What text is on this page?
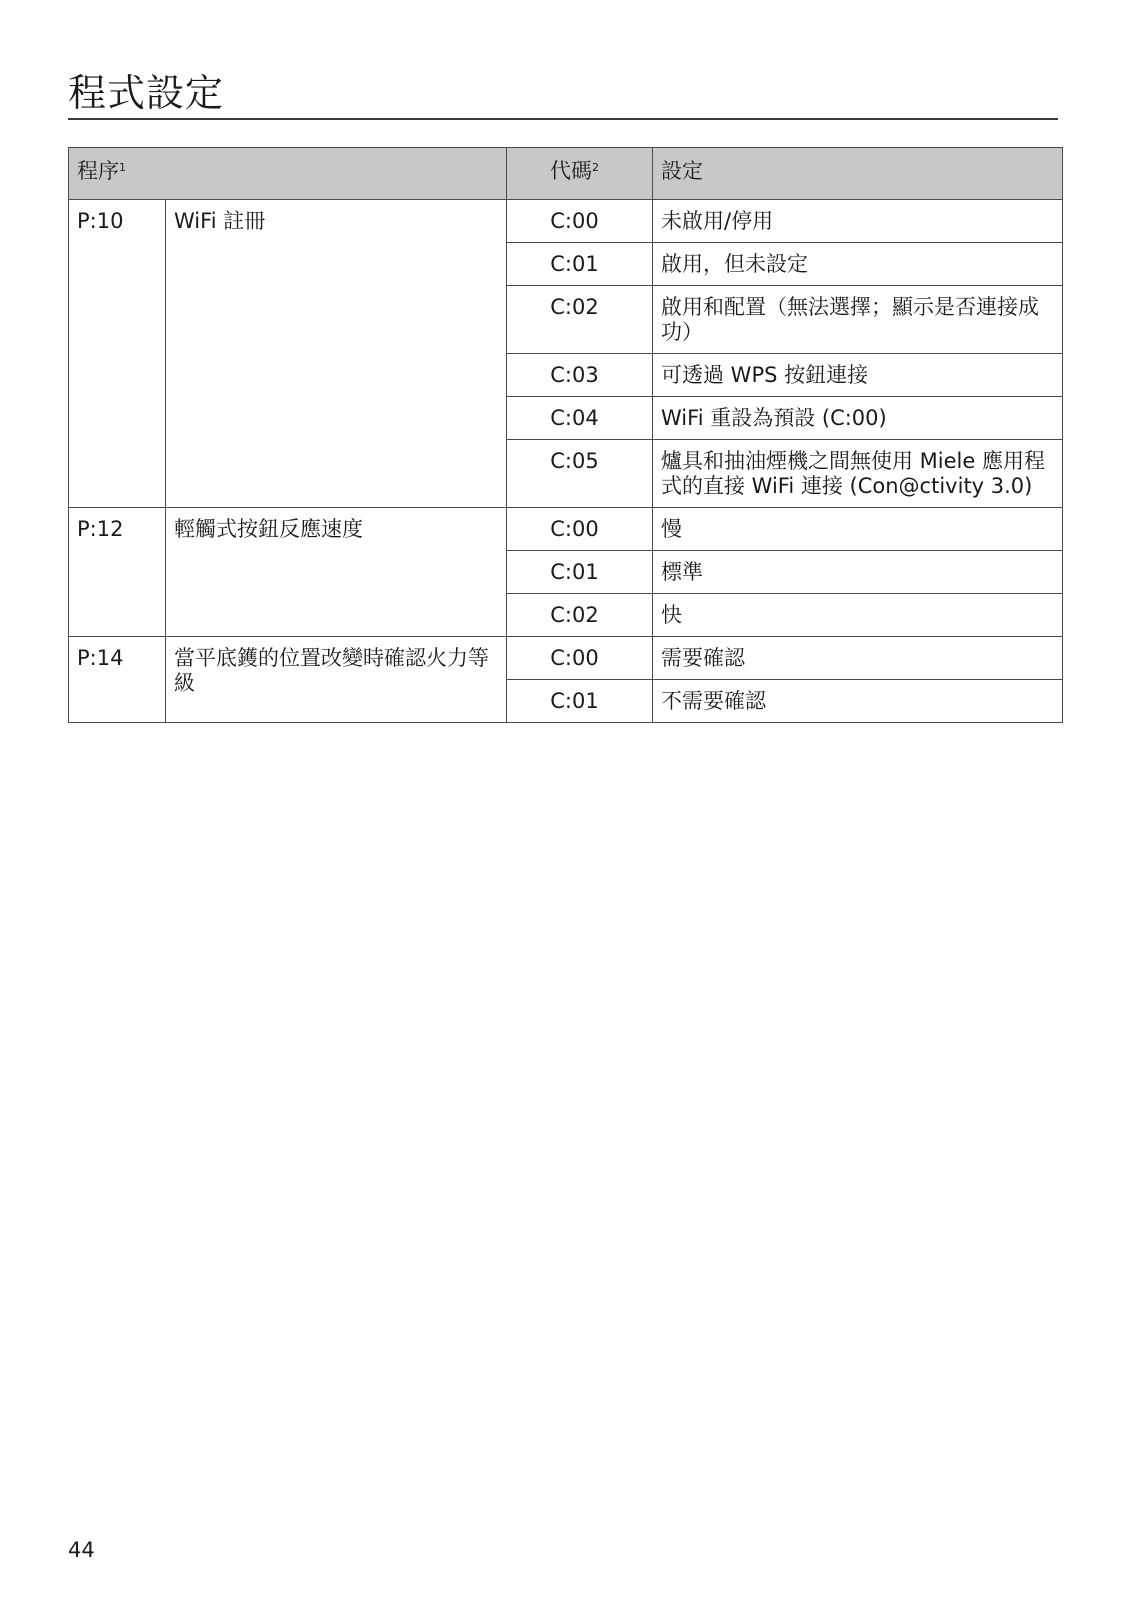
程式設定
程序$^1$		代碼$^2$	設定
P:10	WiFi 註冊	C:00	未啟用/停用
		C:01	啟用，但未設定
		C:02	啟用和配置（無法選擇；顯示是否連接成功）
		C:03	可透過 WPS 按鈕連接
		C:04	WiFi 重設為預設 (C:00)
		C:05	爐具和抽油煙機之間無使用 Miele 應用程式的直接 WiFi 連接 (Con@ctivity 3.0)
P:12	輕觸式按鈕反應速度	C:00	慢
		C:01	標準
		C:02	快
P:14	當平底鑊的位置改變時確認火力等級	C:00	需要確認
		C:01	不需要確認
44
